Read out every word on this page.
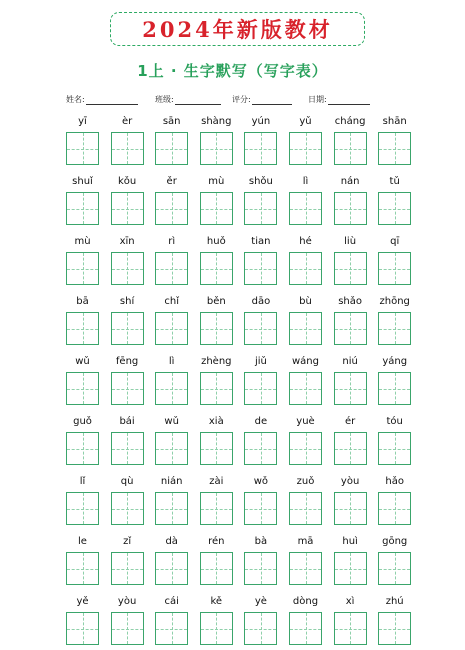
2024年新版教材
1上 · 生字默写（写字表）
姓名:	班级:	评分:	日期:
yī	èr	sān	shàng	yún	yǔ	cháng	shān
shuǐ	kǒu	ěr	mù	shǒu	lì	nán	tǔ
mù	xīn	rì	huǒ	tian	hé	liù	qī
bā	shí	chǐ	běn	dāo	bù	shǎo	zhōng
wǔ	fēng	lì	zhèng	jiǔ	wáng	niú	yáng
guǒ	bái	wǔ	xià	de	yuè	ér	tóu
lǐ	qù	nián	zài	wǒ	zuǒ	yòu	hǎo
le	zǐ	dà	rén	bà	mā	huì	gōng
yě	yòu	cái	kě	yè	dòng	xì	zhú
